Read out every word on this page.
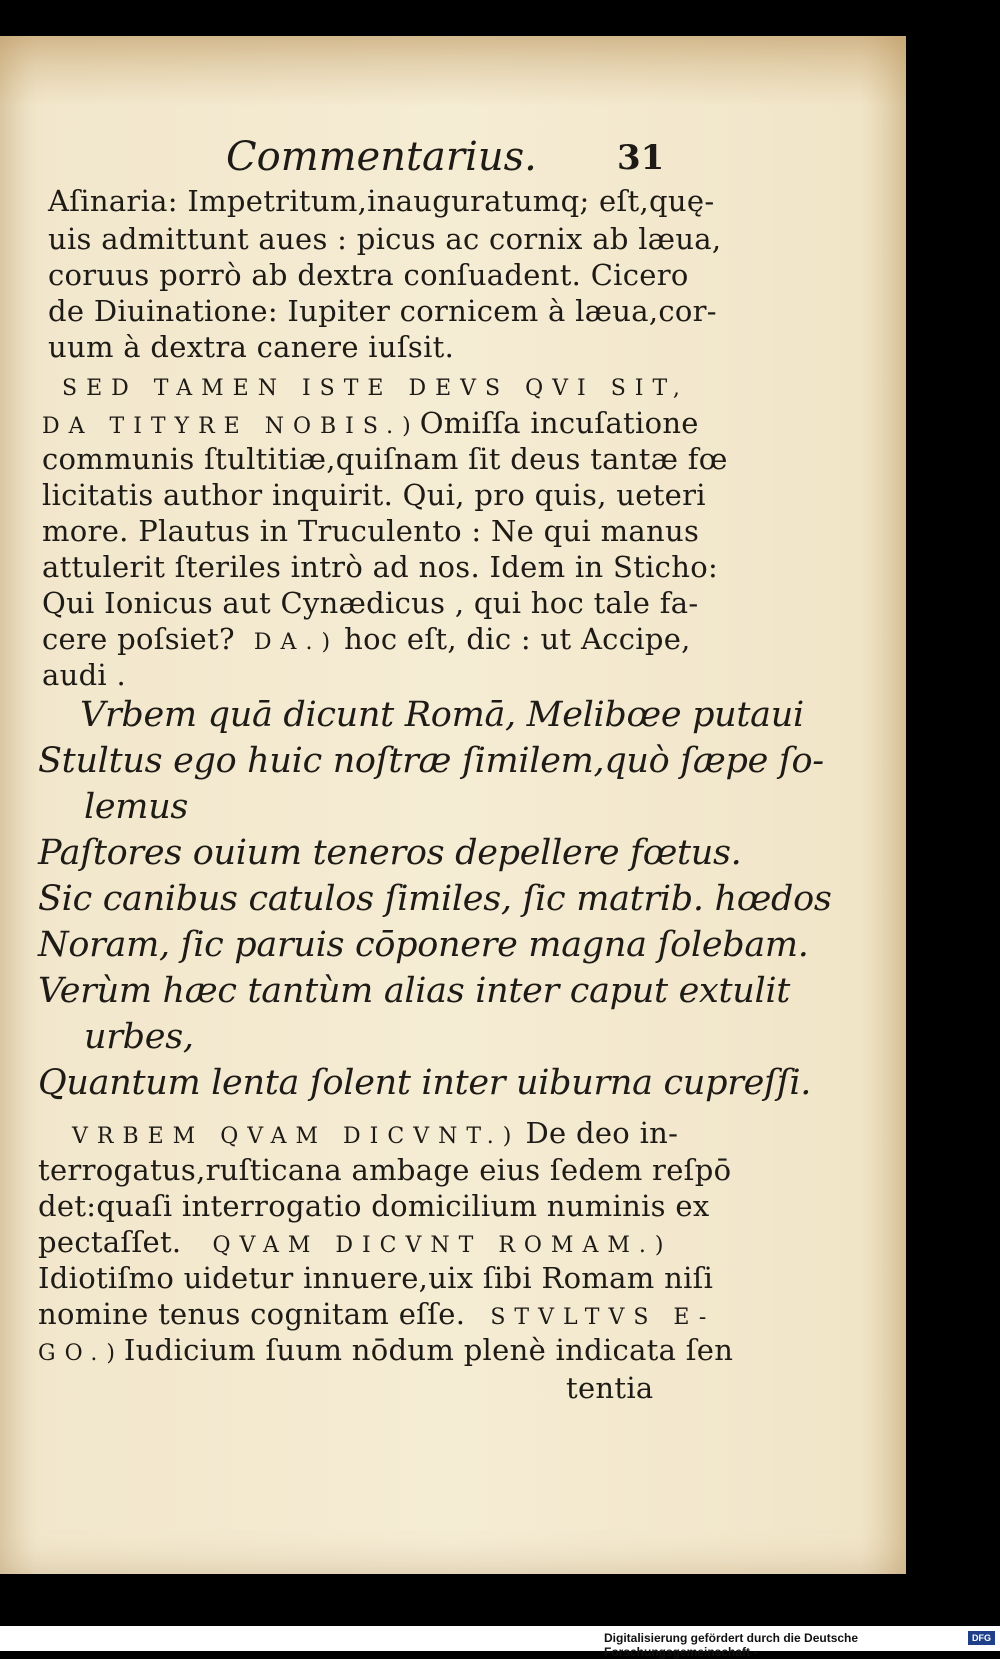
Commentarius. 31
Aſinaria: Impetritum,inauguratumq; eſt,quę-
uis admittunt aues : picus ac cornix ab læua,
coruus porrò ab dextra conſuadent. Cicero
de Diuinatione: Iupiter cornicem à læua,cor-
uum à dextra canere iuſsit.
SED TAMEN ISTE DEVS QVI SIT,
DA TITYRE NOBIS.)Omiſſa incuſatione
communis ſtultitiæ,quiſnam ſit deus tantæ fœ
licitatis author inquirit. Qui, pro quis, ueteri
more. Plautus in Truculento : Ne qui manus
attulerit ſteriles intrò ad nos. Idem in Sticho:
Qui Ionicus aut Cynædicus , qui hoc tale fa-
cere poſsiet? DA.) hoc eſt, dic : ut Accipe,
audi .
Vrbem quā dicunt Romā, Melibœe putaui
Stultus ego huic noſtræ ſimilem,quò ſæpe ſo-
lemus
Paſtores ouium teneros depellere fœtus.
Sic canibus catulos ſimiles, ſic matrib. hœdos
Noram, ſic paruis cōponere magna ſolebam.
Verùm hæc tantùm alias inter caput extulit
urbes,
Quantum lenta ſolent inter uiburna cupreſſi.
VRBEM QVAM DICVNT.) De deo in-
terrogatus,ruſticana ambage eius ſedem reſpō
det:quaſi interrogatio domicilium numinis ex
pectaſſet. QVAM DICVNT ROMAM.)
Idiotiſmo uidetur innuere,uix ſibi Romam niſi
nomine tenus cognitam eſſe. STVLTVS E-
GO.)Iudicium ſuum nōdum plenè indicata ſen
tentia
Digitalisierung gefördert durch die Deutsche Forschungsgemeinschaft -
DFG
